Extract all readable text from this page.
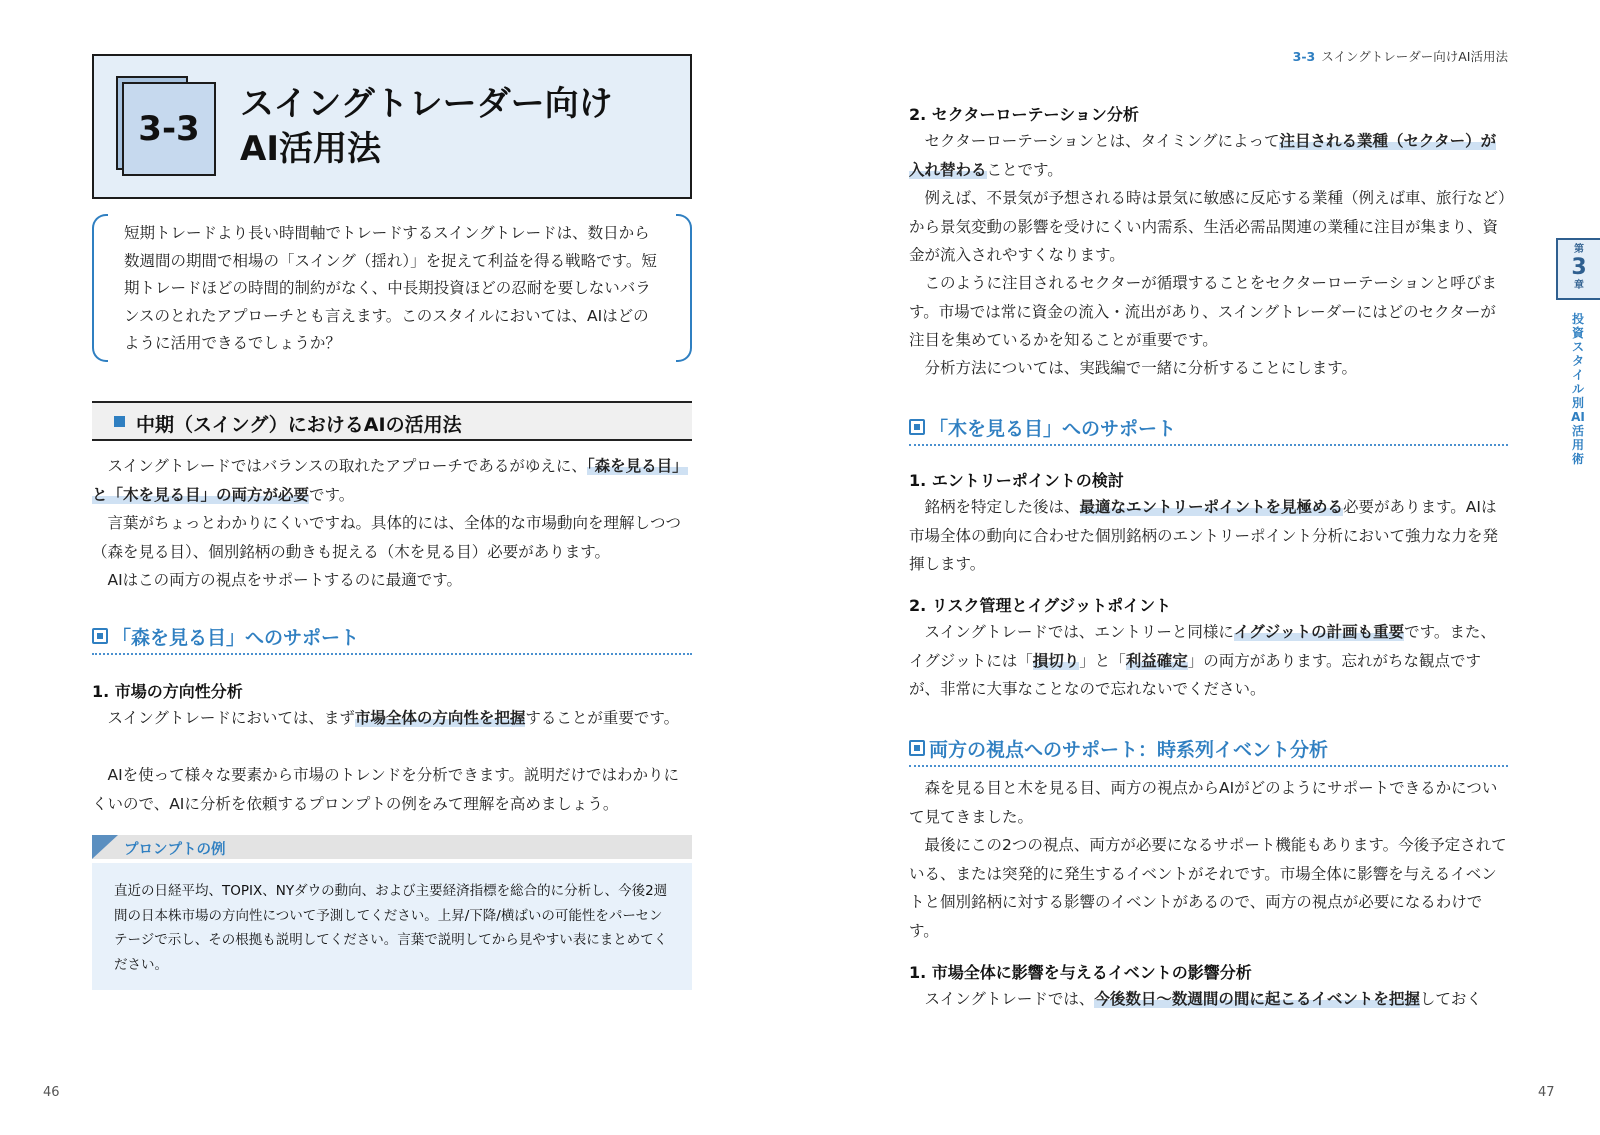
3-3
スイングトレーダー向け
AI活用法
短期トレードより長い時間軸でトレードするスイングトレードは、数日から数週間の期間で相場の「スイング（揺れ）」を捉えて利益を得る戦略です。短期トレードほどの時間的制約がなく、中長期投資ほどの忍耐を要しないバランスのとれたアプローチとも言えます。このスタイルにおいては、AIはどのように活用できるでしょうか？
中期（スイング）におけるAIの活用法
スイングトレードではバランスの取れたアプローチであるがゆえに、「森を見る目」と「木を見る目」の両方が必要です。
言葉がちょっとわかりにくいですね。具体的には、全体的な市場動向を理解しつつ（森を見る目）、個別銘柄の動きも捉える（木を見る目）必要があります。
AIはこの両方の視点をサポートするのに最適です。
「森を見る目」へのサポート
1. 市場の方向性分析
スイングトレードにおいては、まず市場全体の方向性を把握することが重要です。
AIを使って様々な要素から市場のトレンドを分析できます。説明だけではわかりにくいので、AIに分析を依頼するプロンプトの例をみて理解を高めましょう。
プロンプトの例
直近の日経平均、TOPIX、NYダウの動向、および主要経済指標を総合的に分析し、今後2週間の日本株市場の方向性について予測してください。上昇/下降/横ばいの可能性をパーセンテージで示し、その根拠も説明してください。言葉で説明してから見やすい表にまとめてください。
46
3-3 スイングトレーダー向けAI活用法
2. セクターローテーション分析
セクターローテーションとは、タイミングによって注目される業種（セクター）が入れ替わることです。
例えば、不景気が予想される時は景気に敏感に反応する業種（例えば車、旅行など）から景気変動の影響を受けにくい内需系、生活必需品関連の業種に注目が集まり、資金が流入されやすくなります。
このように注目されるセクターが循環することをセクターローテーションと呼びます。市場では常に資金の流入・流出があり、スイングトレーダーにはどのセクターが注目を集めているかを知ることが重要です。
分析方法については、実践編で一緒に分析することにします。
「木を見る目」へのサポート
1. エントリーポイントの検討
銘柄を特定した後は、最適なエントリーポイントを見極める必要があります。AIは市場全体の動向に合わせた個別銘柄のエントリーポイント分析において強力な力を発揮します。
2. リスク管理とイグジットポイント
スイングトレードでは、エントリーと同様にイグジットの計画も重要です。また、イグジットには「損切り」と「利益確定」の両方があります。忘れがちな観点ですが、非常に大事なことなので忘れないでください。
両方の視点へのサポート：時系列イベント分析
森を見る目と木を見る目、両方の視点からAIがどのようにサポートできるかについて見てきました。
最後にこの2つの視点、両方が必要になるサポート機能もあります。今後予定されている、または突発的に発生するイベントがそれです。市場全体に影響を与えるイベントと個別銘柄に対する影響のイベントがあるので、両方の視点が必要になるわけです。
1. 市場全体に影響を与えるイベントの影響分析
スイングトレードでは、今後数日〜数週間の間に起こるイベントを把握しておく
47
第
3
章
投資スタイル別AI活用術
